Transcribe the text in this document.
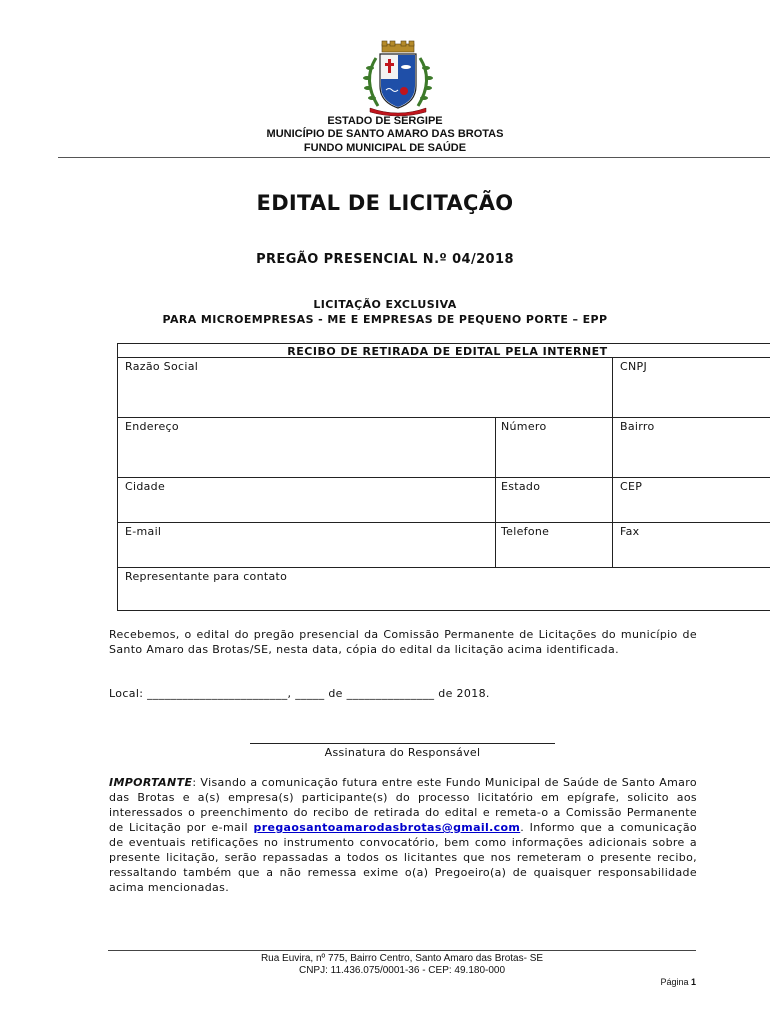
ESTADO DE SERGIPE
MUNICÍPIO DE SANTO AMARO DAS BROTAS
FUNDO MUNICIPAL DE SAÚDE
EDITAL DE LICITAÇÃO
PREGÃO PRESENCIAL N.º 04/2018
LICITAÇÃO EXCLUSIVA
PARA MICROEMPRESAS - ME E EMPRESAS DE PEQUENO PORTE – EPP
RECIBO DE RETIRADA DE EDITAL PELA INTERNET
Razão Social	CNPJ
Endereço	Número	Bairro
Cidade	Estado	CEP
E-mail	Telefone	Fax
Representante para contato
Recebemos, o edital do pregão presencial da Comissão Permanente de Licitações do município de Santo Amaro das Brotas/SE, nesta data, cópia do edital da licitação acima identificada.
Local: ________________________, _____ de _______________ de 2018.
Assinatura do Responsável
IMPORTANTE: Visando a comunicação futura entre este Fundo Municipal de Saúde de Santo Amaro das Brotas e a(s) empresa(s) participante(s) do processo licitatório em epígrafe, solicito aos interessados o preenchimento do recibo de retirada do edital e remeta-o a Comissão Permanente de Licitação por e-mail pregaosantoamarodasbrotas@gmail.com. Informo que a comunicação de eventuais retificações no instrumento convocatório, bem como informações adicionais sobre a presente licitação, serão repassadas a todos os licitantes que nos remeteram o presente recibo, ressaltando também que a não remessa exime o(a) Pregoeiro(a) de quaisquer responsabilidade acima mencionadas.
Rua Euvira, nº 775, Bairro Centro, Santo Amaro das Brotas- SE
CNPJ: 11.436.075/0001-36 - CEP: 49.180-000
Página 1
